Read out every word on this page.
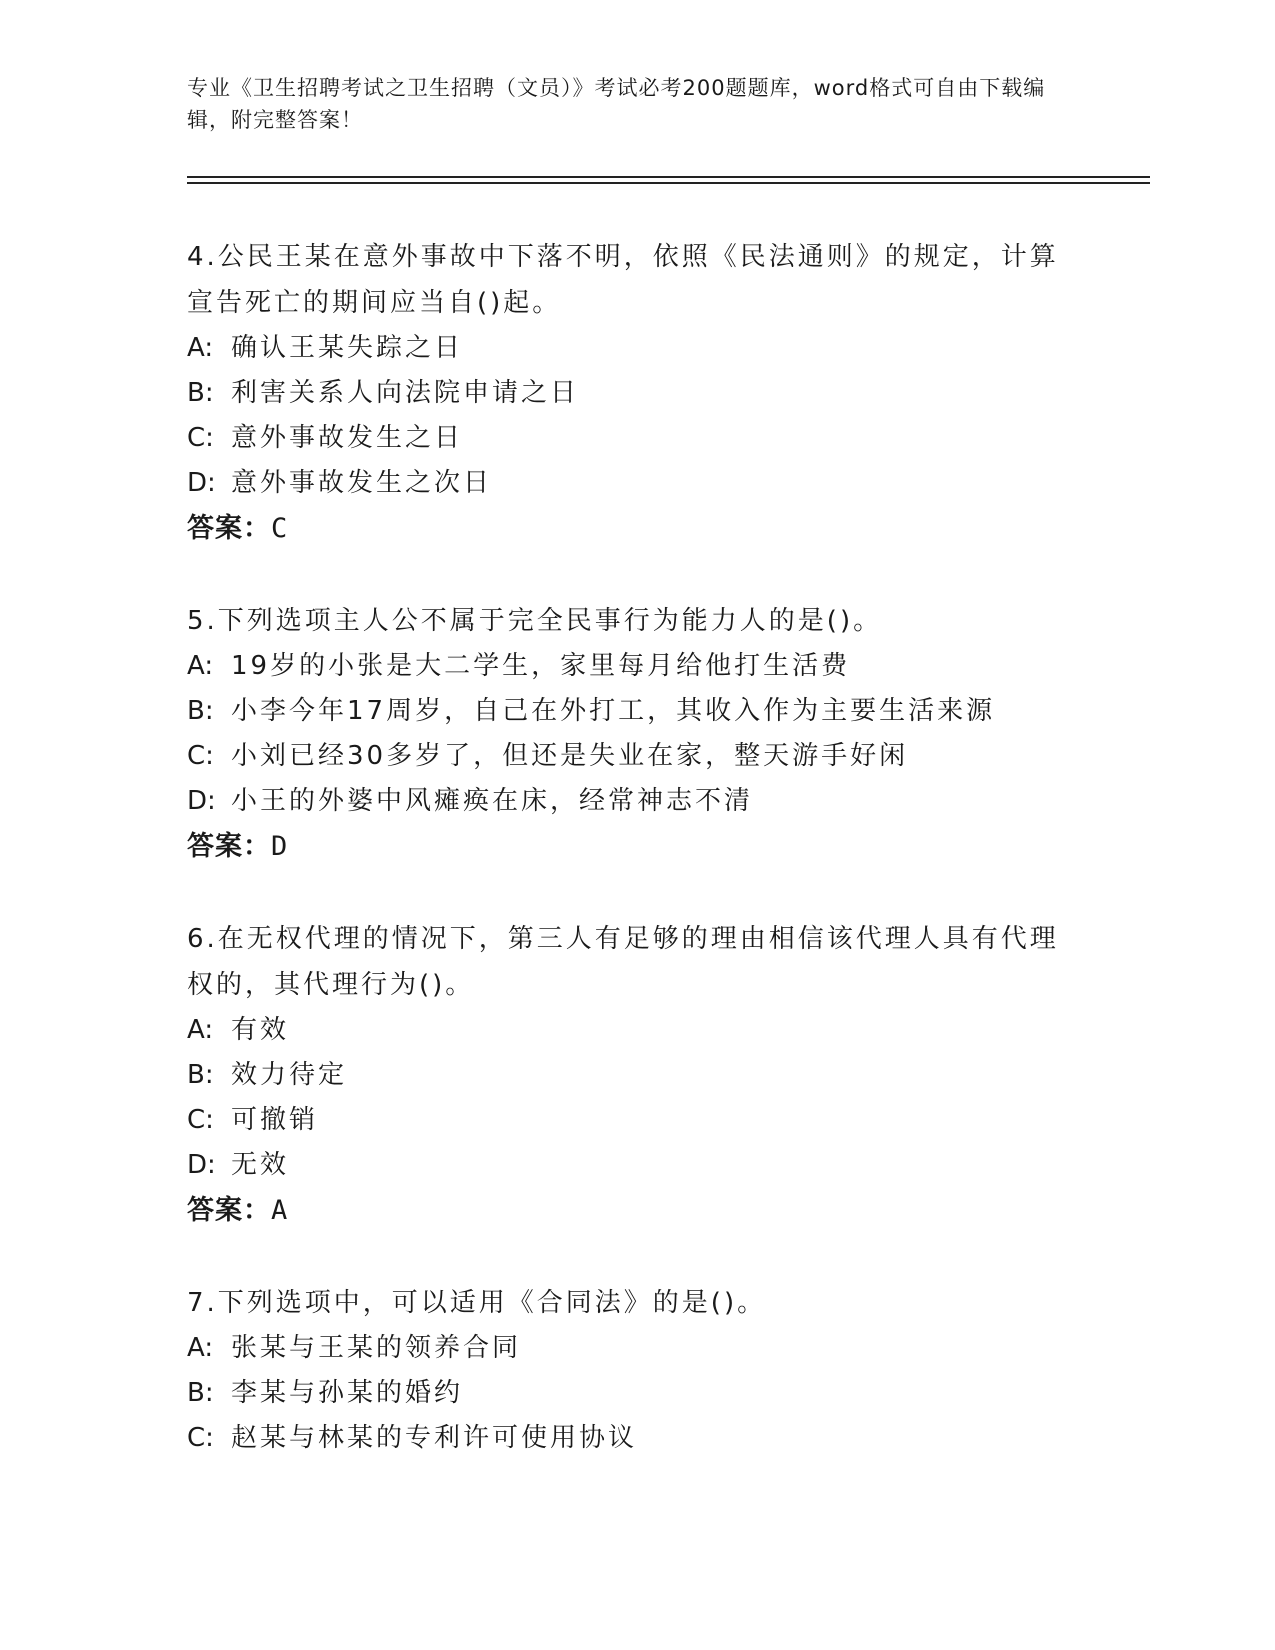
专业《卫生招聘考试之卫生招聘（文员）》考试必考200题题库，word格式可自由下载编辑，附完整答案！
4.公民王某在意外事故中下落不明，依照《民法通则》的规定，计算宣告死亡的期间应当自()起。
A: 确认王某失踪之日
B: 利害关系人向法院申请之日
C: 意外事故发生之日
D: 意外事故发生之次日
答案：C
5.下列选项主人公不属于完全民事行为能力人的是()。
A: 19岁的小张是大二学生，家里每月给他打生活费
B: 小李今年17周岁，自己在外打工，其收入作为主要生活来源
C: 小刘已经30多岁了，但还是失业在家，整天游手好闲
D: 小王的外婆中风瘫痪在床，经常神志不清
答案：D
6.在无权代理的情况下，第三人有足够的理由相信该代理人具有代理权的，其代理行为()。
A: 有效
B: 效力待定
C: 可撤销
D: 无效
答案：A
7.下列选项中，可以适用《合同法》的是()。
A: 张某与王某的领养合同
B: 李某与孙某的婚约
C: 赵某与林某的专利许可使用协议
